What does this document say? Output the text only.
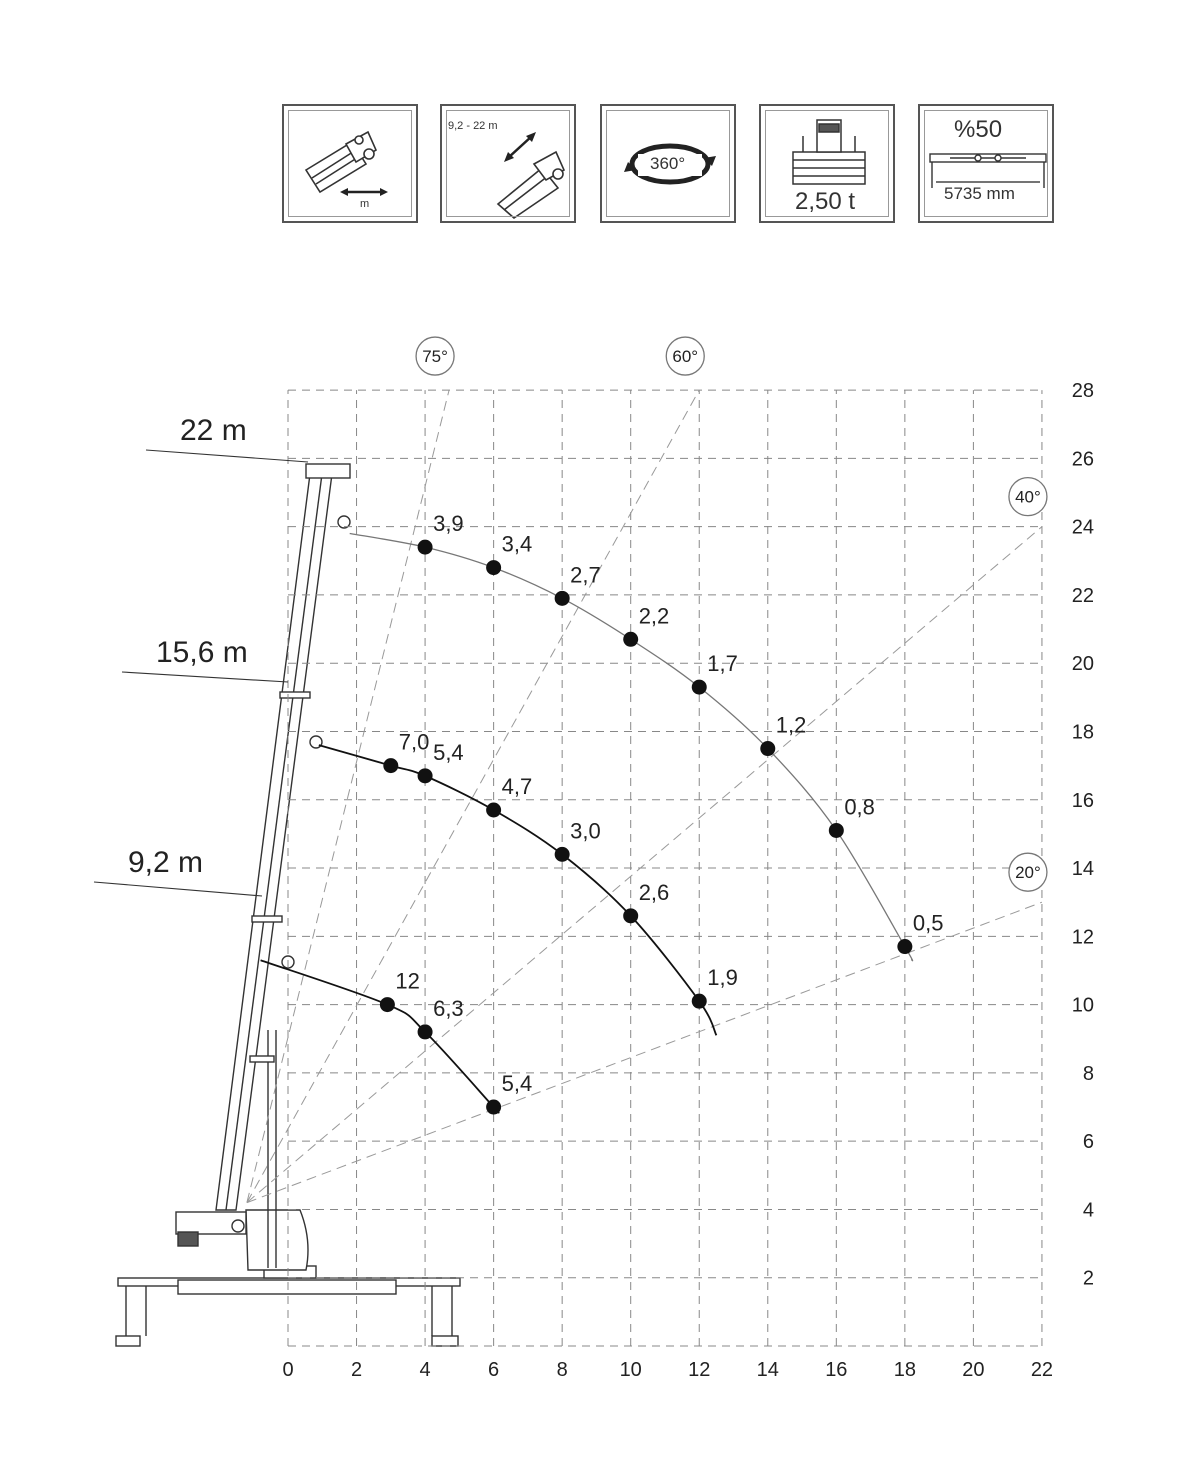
m
9,2 - 22 m
360°
2,50 t
%50
5735 mm
75°	60°
40°
20°
3,9
3,4
2,7
2,2
1,7
1,2
0,8
0,5
7,0 5,4
4,7
3,0
2,6
1,9
12
6,3
5,4
0	2	4	6	8	10 12 14 16 18 20 22
2
4
6
8
10
12
14
16
18
20
22
24
26
28
22 m
15,6 m
9,2 m
